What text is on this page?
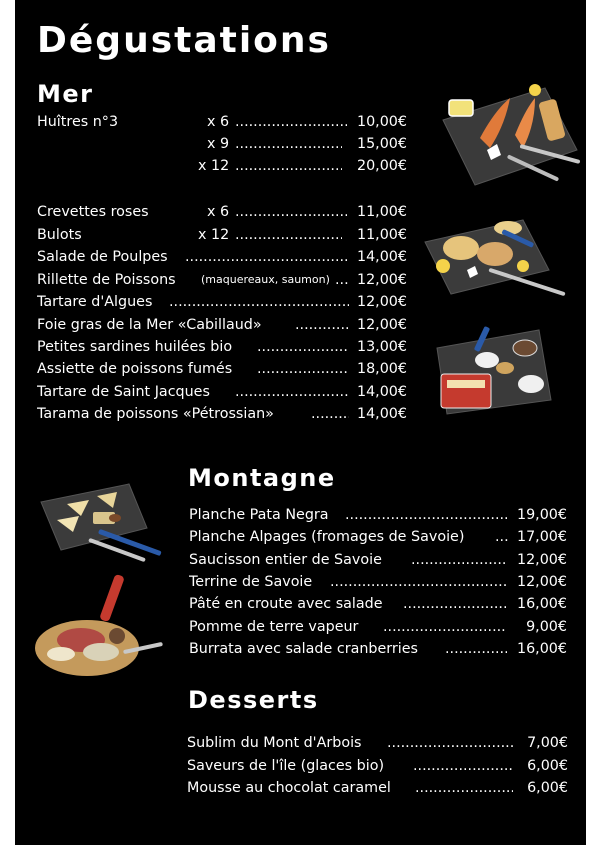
Dégustations
Mer
Huîtres n°3	x 6 .....	10,00€
x 9 .....	15,00€
x 12 .....	20,00€
Crevettes roses	x 6 .....	11,00€
Bulots	x 12 .....	11,00€
Salade de Poulpes .....	14,00€
Rillette de Poissons (maquereaux, saumon) .....	12,00€
Tartare d'Algues .....	12,00€
Foie gras de la Mer «Cabillaud» .....	12,00€
Petites sardines huilées bio .....	13,00€
Assiette de poissons fumés .....	18,00€
Tartare de Saint Jacques .....	14,00€
Tarama de poissons «Pétrossian» .....	14,00€
Montagne
Planche Pata Negra .....	19,00€
Planche Alpages (fromages de Savoie) .....	17,00€
Saucisson entier de Savoie .....	12,00€
Terrine de Savoie .....	12,00€
Pâté en croute avec salade .....	16,00€
Pomme de terre vapeur .....	9,00€
Burrata avec salade cranberries .....	16,00€
Desserts
Sublim du Mont d'Arbois .....	7,00€
Saveurs de l'île (glaces bio) .....	6,00€
Mousse au chocolat caramel .....	6,00€
